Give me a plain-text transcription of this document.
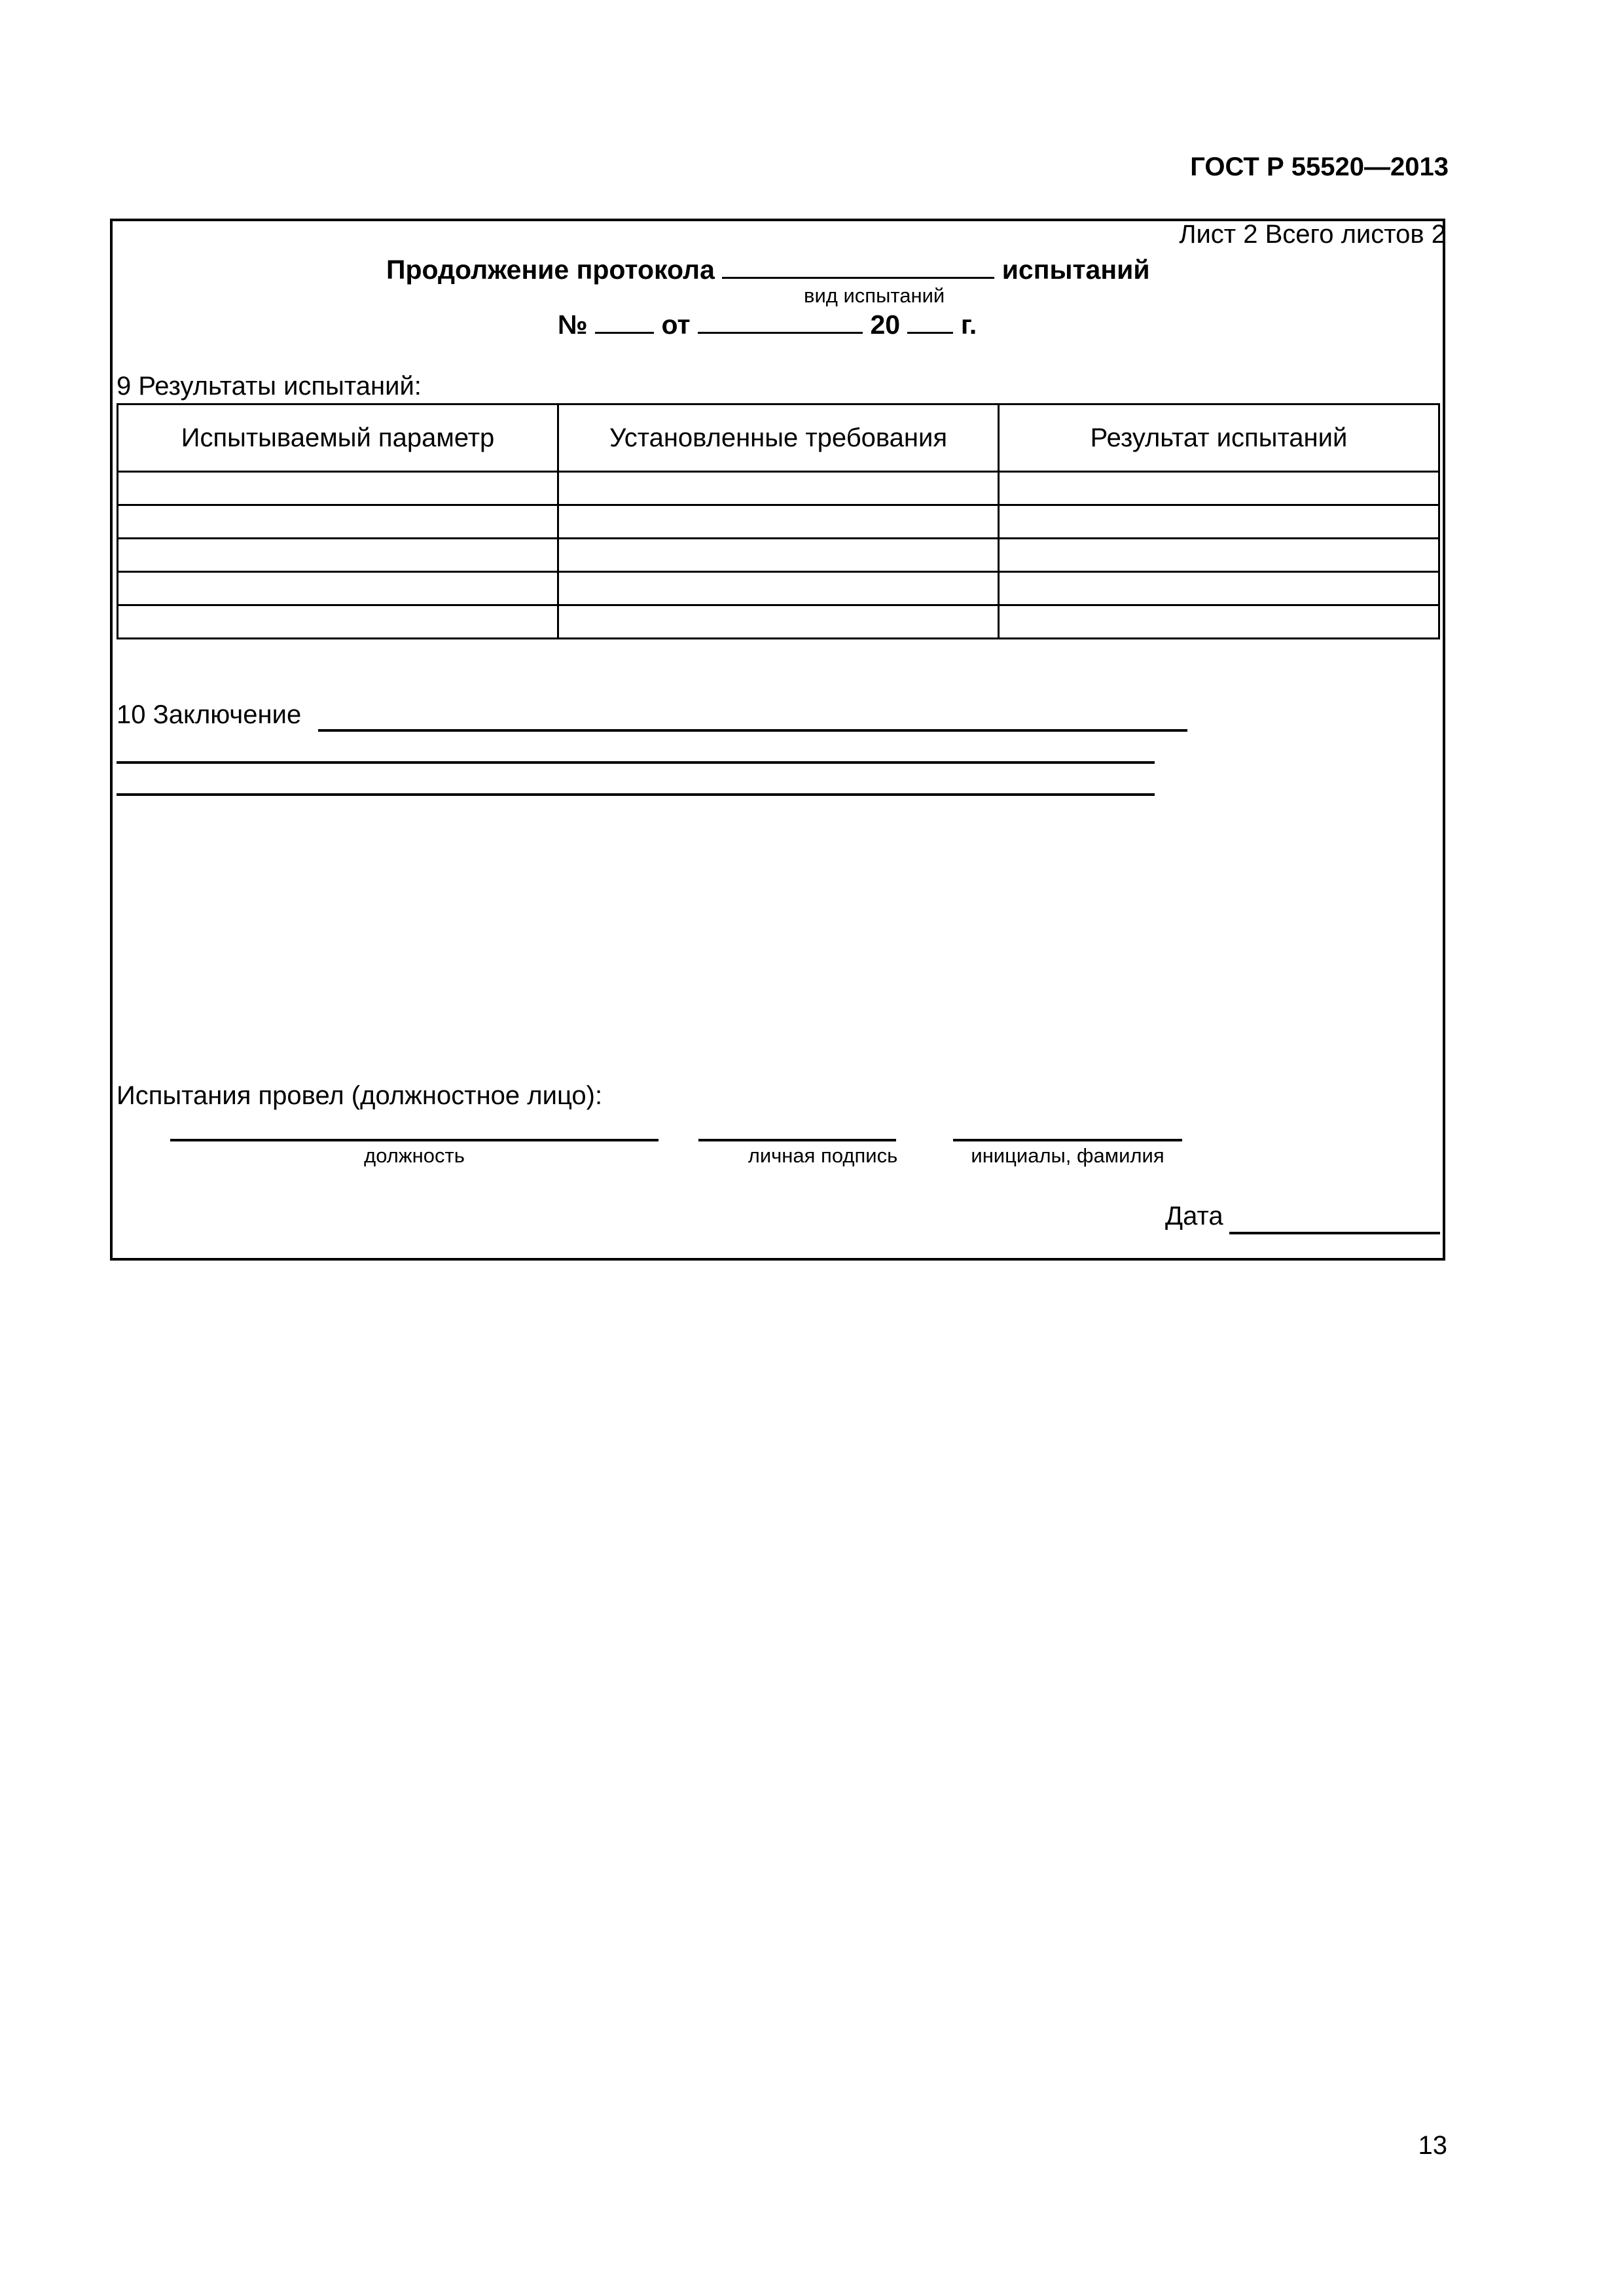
ГОСТ Р 55520—2013
Лист 2 Всего листов 2
Продолжение протокола	испытаний
вид испытаний
№	от	20 г.
9 Результаты испытаний:
Испытываемый параметр	Установленные требования	Результат испытаний

10 Заключение
Испытания провел (должностное лицо):
должность	личная подпись	инициалы, фамилия
Дата
13
